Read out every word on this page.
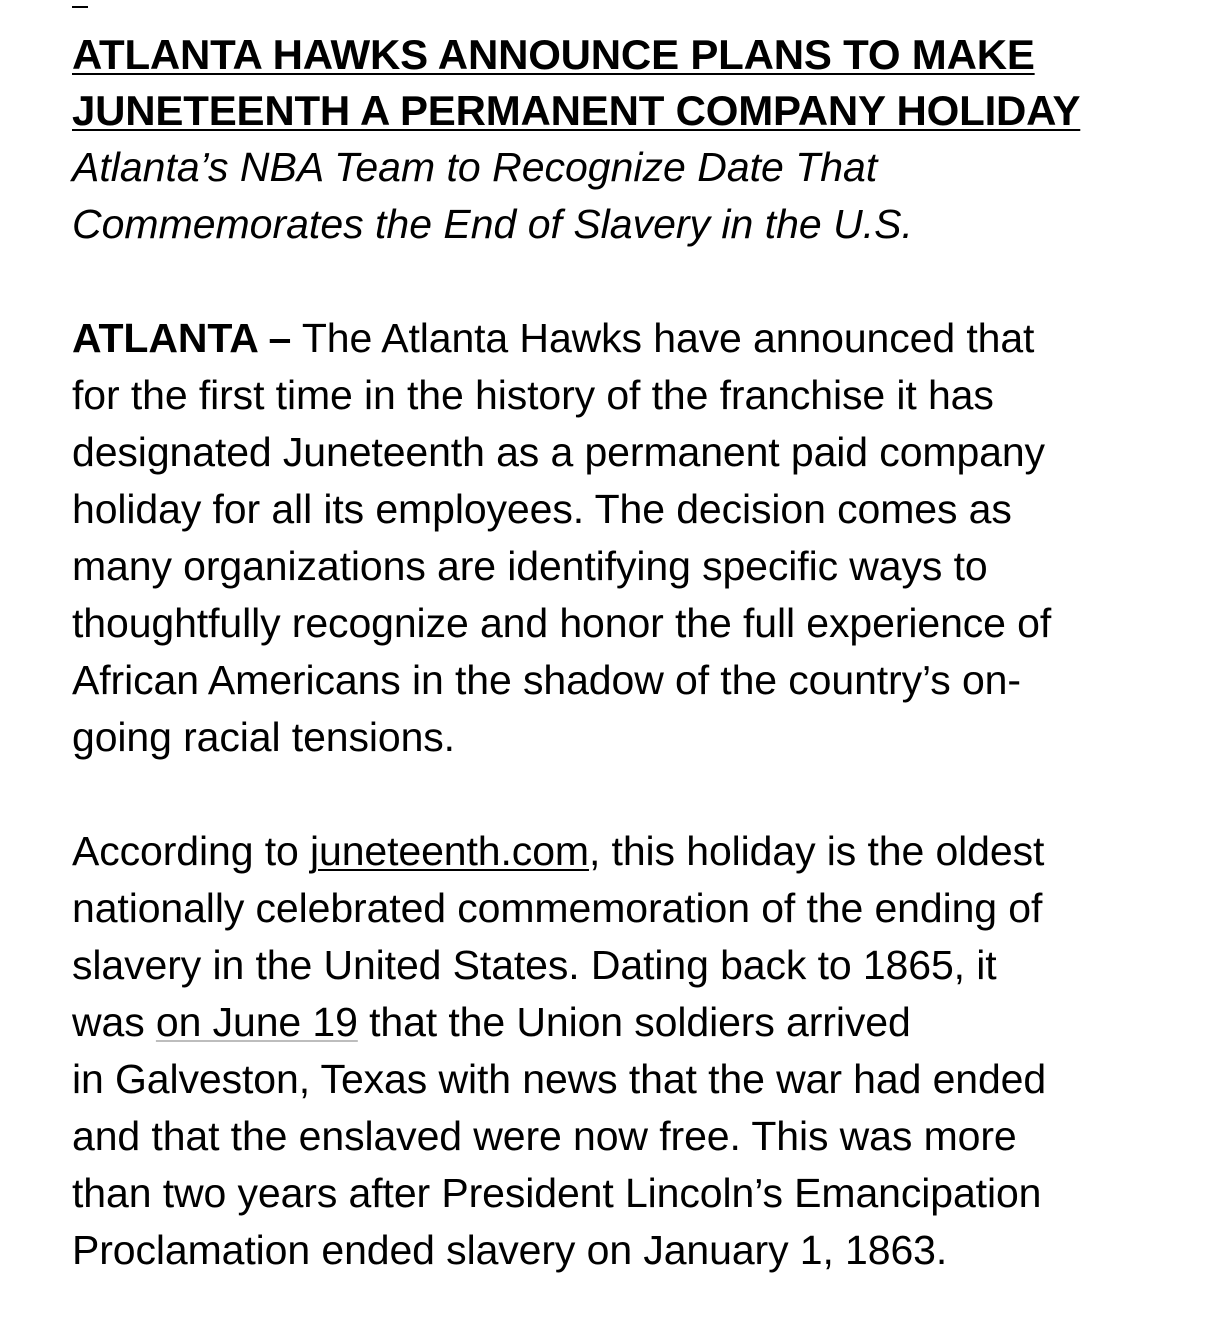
ATLANTA HAWKS ANNOUNCE PLANS TO MAKE
JUNETEENTH A PERMANENT COMPANY HOLIDAY
Atlanta’s NBA Team to Recognize Date That
Commemorates the End of Slavery in the U.S.

ATLANTA – The Atlanta Hawks have announced that
for the first time in the history of the franchise it has
designated Juneteenth as a permanent paid company
holiday for all its employees. The decision comes as
many organizations are identifying specific ways to
thoughtfully recognize and honor the full experience of
African Americans in the shadow of the country’s on-
going racial tensions.

According to juneteenth.com, this holiday is the oldest
nationally celebrated commemoration of the ending of
slavery in the United States. Dating back to 1865, it
was on June 19 that the Union soldiers arrived
in Galveston, Texas with news that the war had ended
and that the enslaved were now free. This was more
than two years after President Lincoln’s Emancipation
Proclamation ended slavery on January 1, 1863.
